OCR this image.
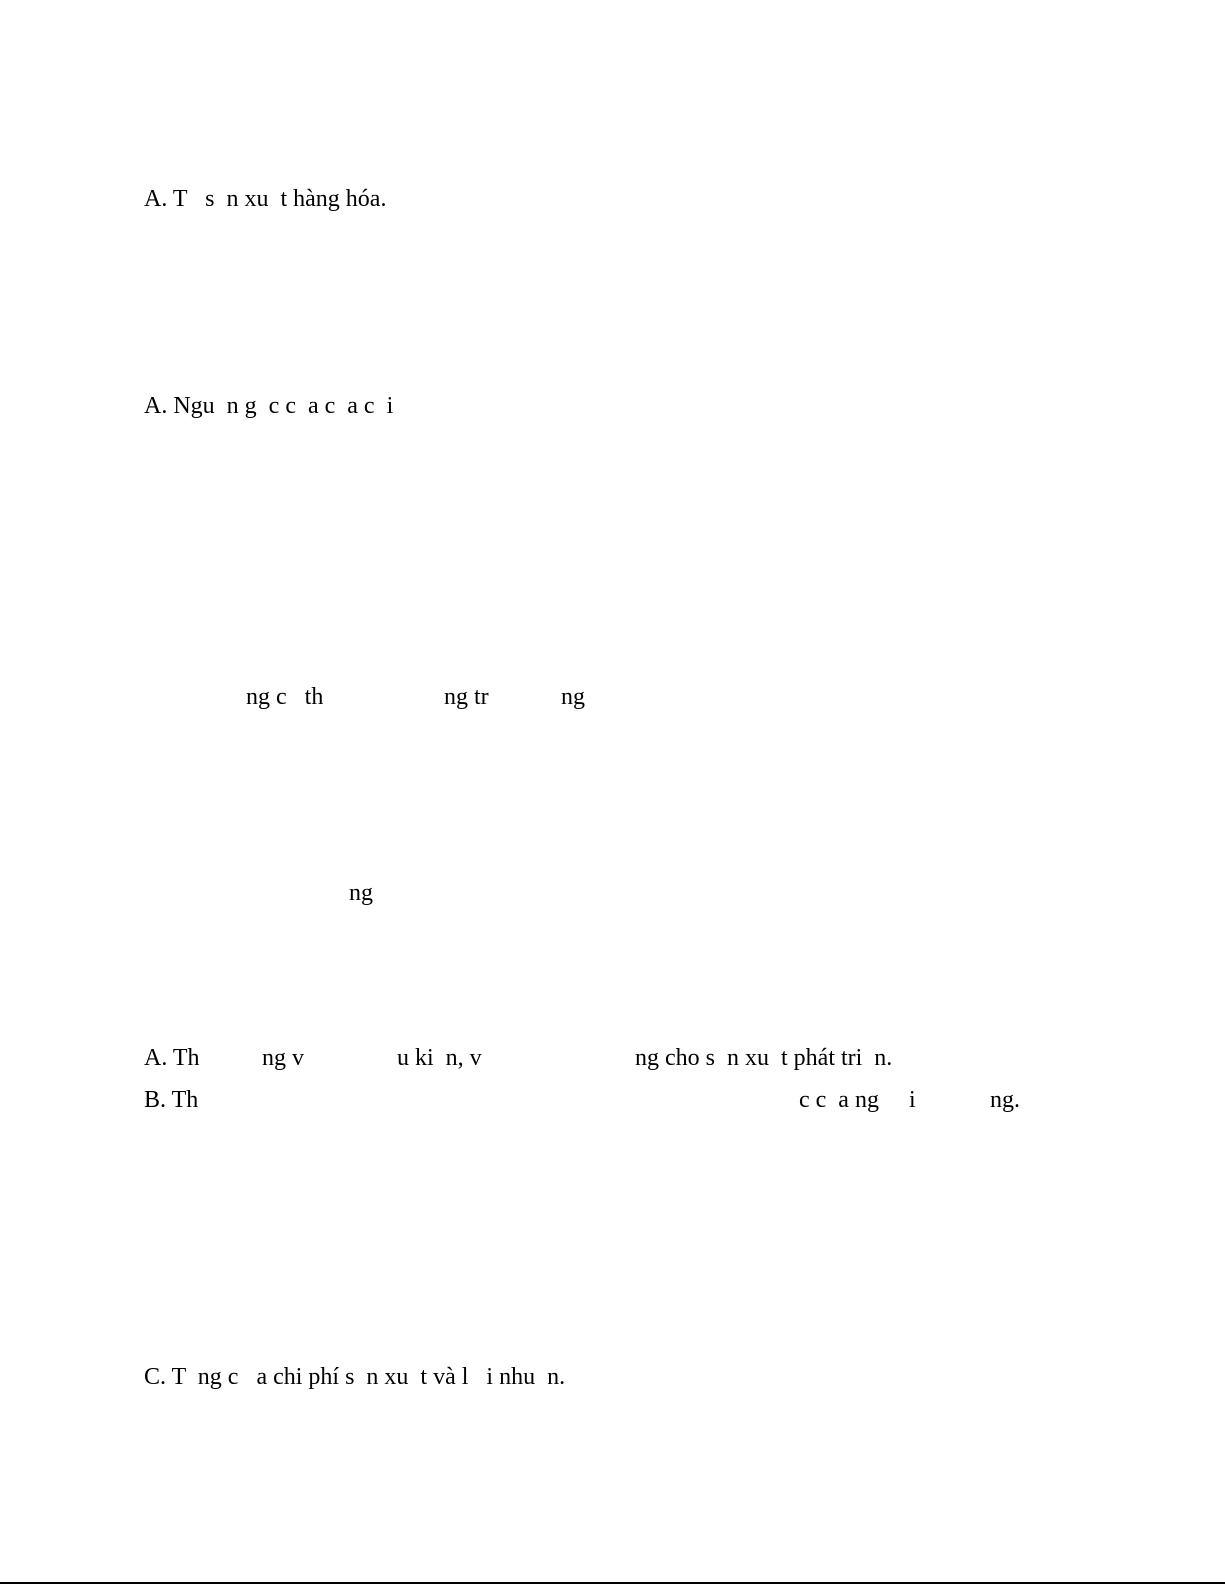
A. T   s  n xu  t hàng hóa.
A. Ngu  n g  c c  a c  a c  i
ng c   th	ng tr	ng
ng
A. Th	ng v	u ki  n, v	ng cho s  n xu  t phát tri  n.
B. Th	c c  a ng     i	ng.
C. T  ng c   a chi phí s  n xu  t và l   i nhu  n.
